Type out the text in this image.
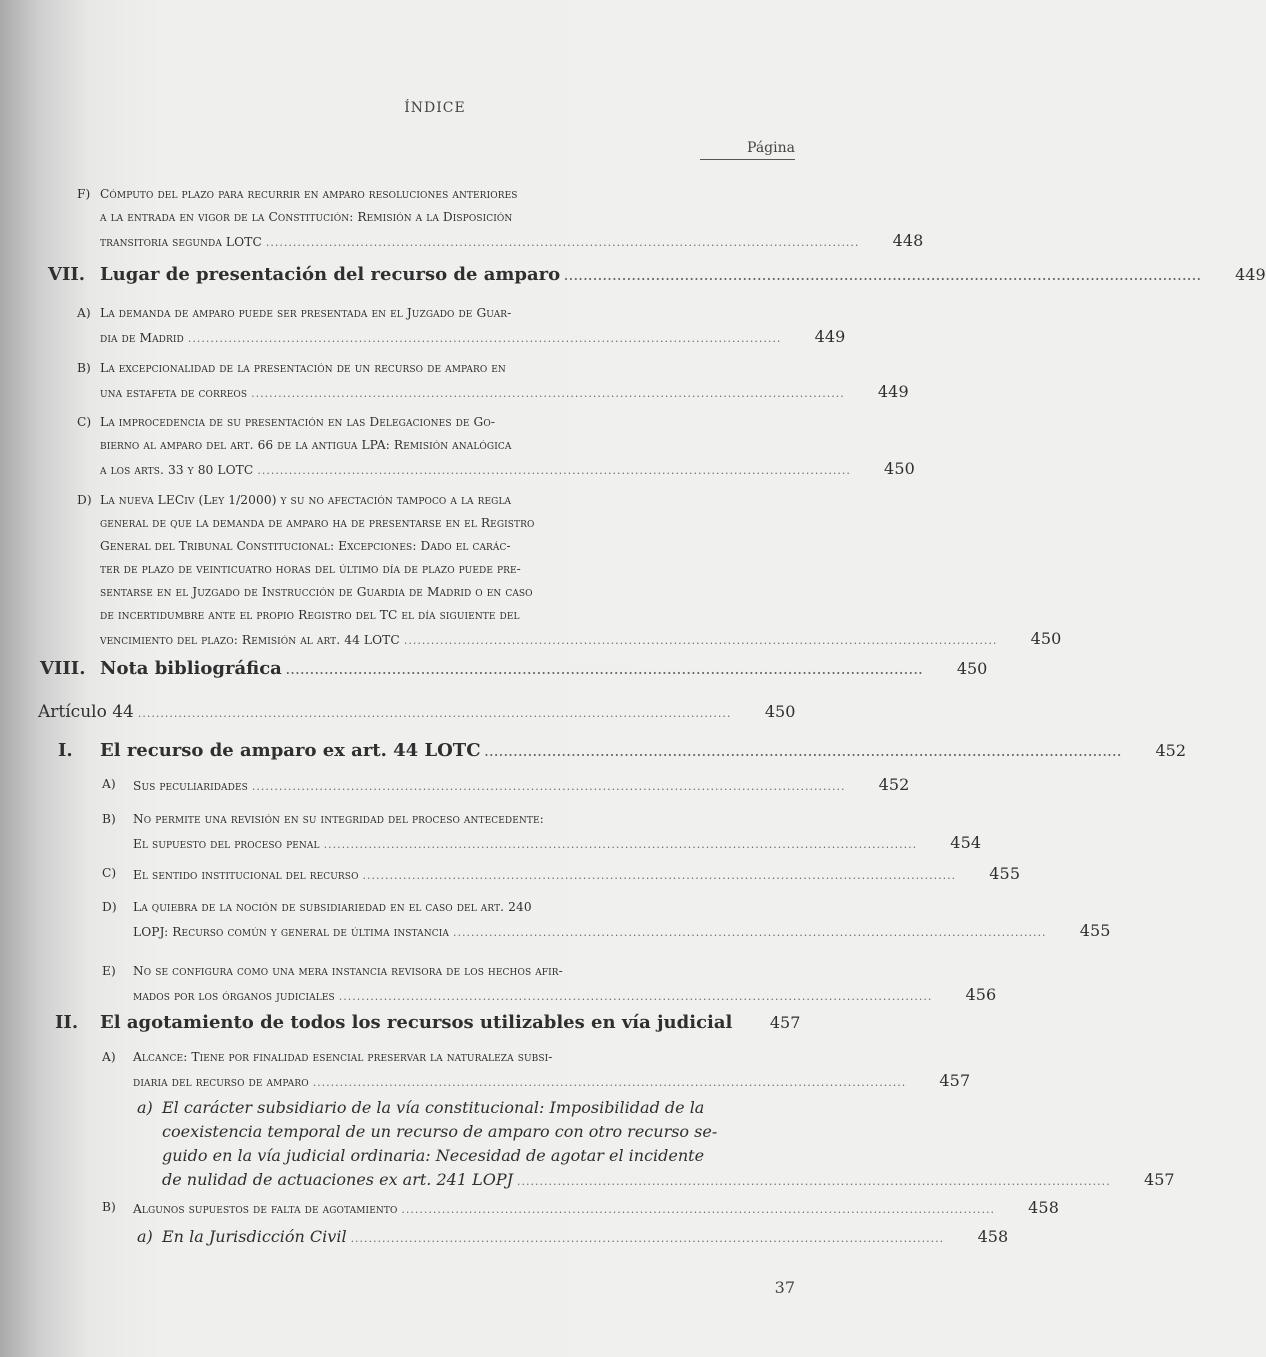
ÍNDICE
Página
F) Cómputo del plazo para recurrir en amparo resoluciones anteriores
a la entrada en vigor de la Constitución: Remisión a la Disposición
transitoria segunda LOTC ....................................................................................................................................	448
VII. Lugar de presentación del recurso de amparo ....................................................................................................................................	449
A) La demanda de amparo puede ser presentada en el Juzgado de Guar-
dia de Madrid ....................................................................................................................................	449
B) La excepcionalidad de la presentación de un recurso de amparo en
una estafeta de correos ....................................................................................................................................	449
C) La improcedencia de su presentación en las Delegaciones de Go-
bierno al amparo del art. 66 de la antigua LPA: Remisión analógica
a los arts. 33 y 80 LOTC ....................................................................................................................................	450
D) La nueva LECiv (Ley 1/2000) y su no afectación tampoco a la regla
general de que la demanda de amparo ha de presentarse en el Registro
General del Tribunal Constitucional: Excepciones: Dado el carác-
ter de plazo de veinticuatro horas del último día de plazo puede pre-
sentarse en el Juzgado de Instrucción de Guardia de Madrid o en caso
de incertidumbre ante el propio Registro del TC el día siguiente del
vencimiento del plazo: Remisión al art. 44 LOTC ....................................................................................................................................	450
VIII. Nota bibliográfica ....................................................................................................................................	450
Artículo 44 ....................................................................................................................................	450
I. El recurso de amparo ex art. 44 LOTC ....................................................................................................................................	452
A) Sus peculiaridades ....................................................................................................................................	452
B) No permite una revisión en su integridad del proceso antecedente:
El supuesto del proceso penal ....................................................................................................................................	454
C) El sentido institucional del recurso ....................................................................................................................................	455
D) La quiebra de la noción de subsidiariedad en el caso del art. 240
LOPJ: Recurso común y general de última instancia ....................................................................................................................................	455
E) No se configura como una mera instancia revisora de los hechos afir-
mados por los órganos judiciales ....................................................................................................................................	456
II. El agotamiento de todos los recursos utilizables en vía judicial	457
A) Alcance: Tiene por finalidad esencial preservar la naturaleza subsi-
diaria del recurso de amparo ....................................................................................................................................	457
a) El carácter subsidiario de la vía constitucional: Imposibilidad de la
coexistencia temporal de un recurso de amparo con otro recurso se-
guido en la vía judicial ordinaria: Necesidad de agotar el incidente
de nulidad de actuaciones ex art. 241 LOPJ ....................................................................................................................................	457
B) Algunos supuestos de falta de agotamiento ....................................................................................................................................	458
a) En la Jurisdicción Civil ....................................................................................................................................	458
37
